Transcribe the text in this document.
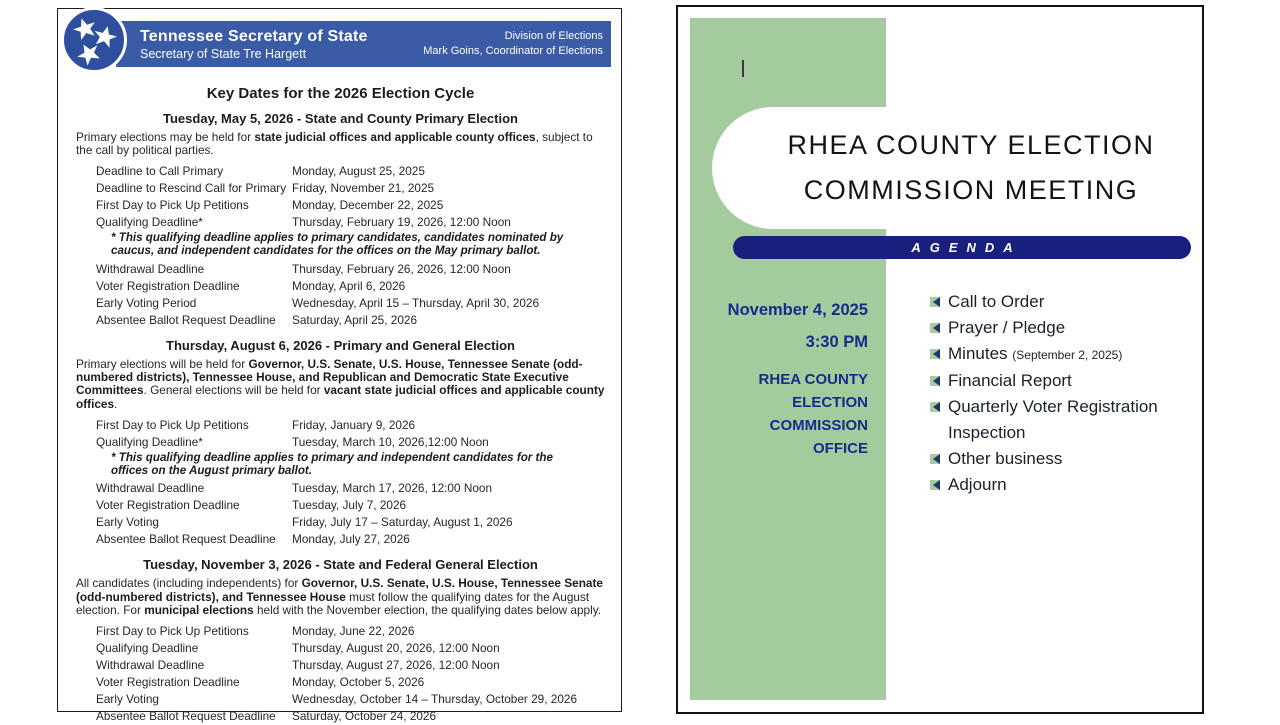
Tennessee Secretary of State
Secretary of State Tre Hargett
Division of Elections
Mark Goins, Coordinator of Elections
Key Dates for the 2026 Election Cycle
Tuesday, May 5, 2026 - State and County Primary Election
Primary elections may be held for state judicial offices and applicable county offices, subject to the call by political parties.
Deadline to Call Primary	Monday, August 25, 2025
Deadline to Rescind Call for Primary Friday, November 21, 2025
First Day to Pick Up Petitions	Monday, December 22, 2025
Qualifying Deadline*	Thursday, February 19, 2026, 12:00 Noon
* This qualifying deadline applies to primary candidates, candidates nominated by caucus, and independent candidates for the offices on the May primary ballot.
Withdrawal Deadline	Thursday, February 26, 2026, 12:00 Noon
Voter Registration Deadline	Monday, April 6, 2026
Early Voting Period	Wednesday, April 15 – Thursday, April 30, 2026
Absentee Ballot Request Deadline	Saturday, April 25, 2026
Thursday, August 6, 2026 - Primary and General Election
Primary elections will be held for Governor, U.S. Senate, U.S. House, Tennessee Senate (odd-numbered districts), Tennessee House, and Republican and Democratic State Executive Committees. General elections will be held for vacant state judicial offices and applicable county offices.
First Day to Pick Up Petitions	Friday, January 9, 2026
Qualifying Deadline*	Tuesday, March 10, 2026,12:00 Noon
* This qualifying deadline applies to primary and independent candidates for the offices on the August primary ballot.
Withdrawal Deadline	Tuesday, March 17, 2026, 12:00 Noon
Voter Registration Deadline	Tuesday, July 7, 2026
Early Voting	Friday, July 17 – Saturday, August 1, 2026
Absentee Ballot Request Deadline	Monday, July 27, 2026
Tuesday, November 3, 2026 - State and Federal General Election
All candidates (including independents) for Governor, U.S. Senate, U.S. House, Tennessee Senate (odd-numbered districts), and Tennessee House must follow the qualifying dates for the August election. For municipal elections held with the November election, the qualifying dates below apply.
First Day to Pick Up Petitions	Monday, June 22, 2026
Qualifying Deadline	Thursday, August 20, 2026, 12:00 Noon
Withdrawal Deadline	Thursday, August 27, 2026, 12:00 Noon
Voter Registration Deadline	Monday, October 5, 2026
Early Voting	Wednesday, October 14 – Thursday, October 29, 2026
Absentee Ballot Request Deadline	Saturday, October 24, 2026
RHEA COUNTY ELECTION
COMMISSION MEETING
AGENDA
November 4, 2025
3:30 PM
RHEA COUNTY ELECTION COMMISSION OFFICE
Call to Order
Prayer / Pledge
Minutes (September 2, 2025)
Financial Report
Quarterly Voter Registration Inspection
Other business
Adjourn
